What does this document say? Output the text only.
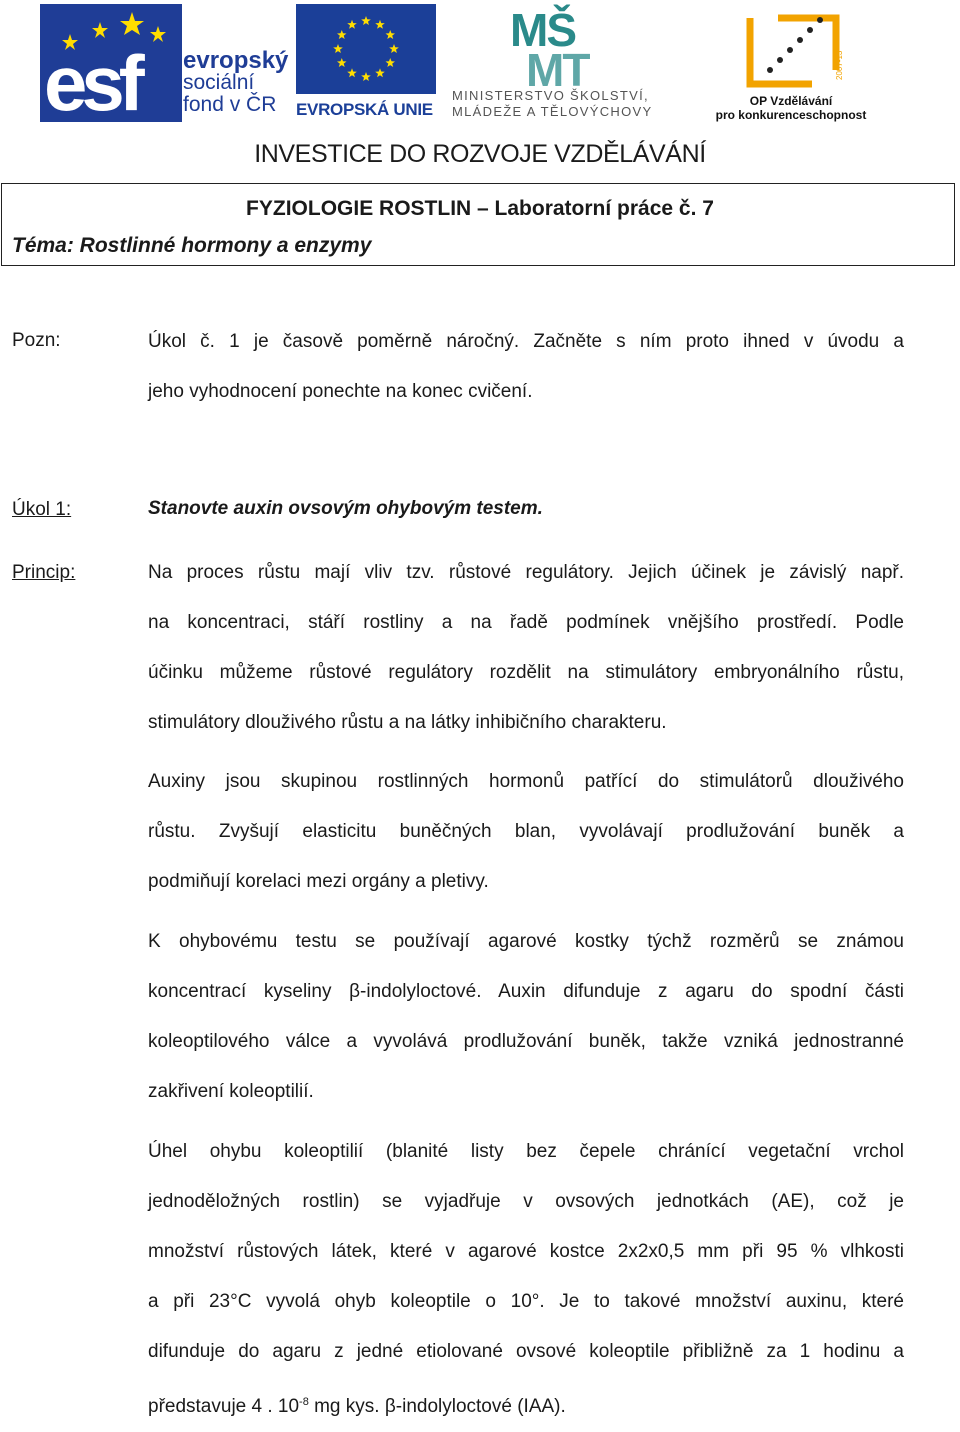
esf evropský
sociální
fond v ČR	EVROPSKÁ UNIE
MŠ
MT
MINISTERSTVO ŠKOLSTVÍ,
MLÁDEŽE A TĚLOVÝCHOVY
2007-13
OP Vzdělávání
pro konkurenceschopnost
INVESTICE DO ROZVOJE VZDĚLÁVÁNÍ
FYZIOLOGIE ROSTLIN – Laboratorní práce č. 7
Téma: Rostlinné hormony a enzymy
Pozn:	Úkol č. 1 je časově poměrně náročný. Začněte s ním proto ihned v úvodu a
jeho vyhodnocení ponechte na konec cvičení.
Úkol 1:	Stanovte auxin ovsovým ohybovým testem.
Princip:	Na proces růstu mají vliv tzv. růstové regulátory. Jejich účinek je závislý např.
na koncentraci, stáří rostliny a na řadě podmínek vnějšího prostředí. Podle
účinku můžeme růstové regulátory rozdělit na stimulátory embryonálního růstu,
stimulátory dlouživého růstu a na látky inhibičního charakteru.
Auxiny jsou skupinou rostlinných hormonů patřící do stimulátorů dlouživého
růstu. Zvyšují elasticitu buněčných blan, vyvolávají prodlužování buněk a
podmiňují korelaci mezi orgány a pletivy.
K ohybovému testu se používají agarové kostky týchž rozměrů se známou
koncentrací kyseliny β-indolyloctové. Auxin difunduje z agaru do spodní části
koleoptilového válce a vyvolává prodlužování buněk, takže vzniká jednostranné
zakřivení koleoptilií.
Úhel ohybu koleoptilií (blanité listy bez čepele chránící vegetační vrchol
jednoděložných rostlin) se vyjadřuje v ovsových jednotkách (AE), což je
množství růstových látek, které v agarové kostce 2x2x0,5 mm při 95 % vlhkosti
a při 23°C vyvolá ohyb koleoptile o 10°. Je to takové množství auxinu, které
difunduje do agaru z jedné etiolované ovsové koleoptile přibližně za 1 hodinu a
představuje 4 . $10^{-8}$ mg kys. β-indolyloctové (IAA).
